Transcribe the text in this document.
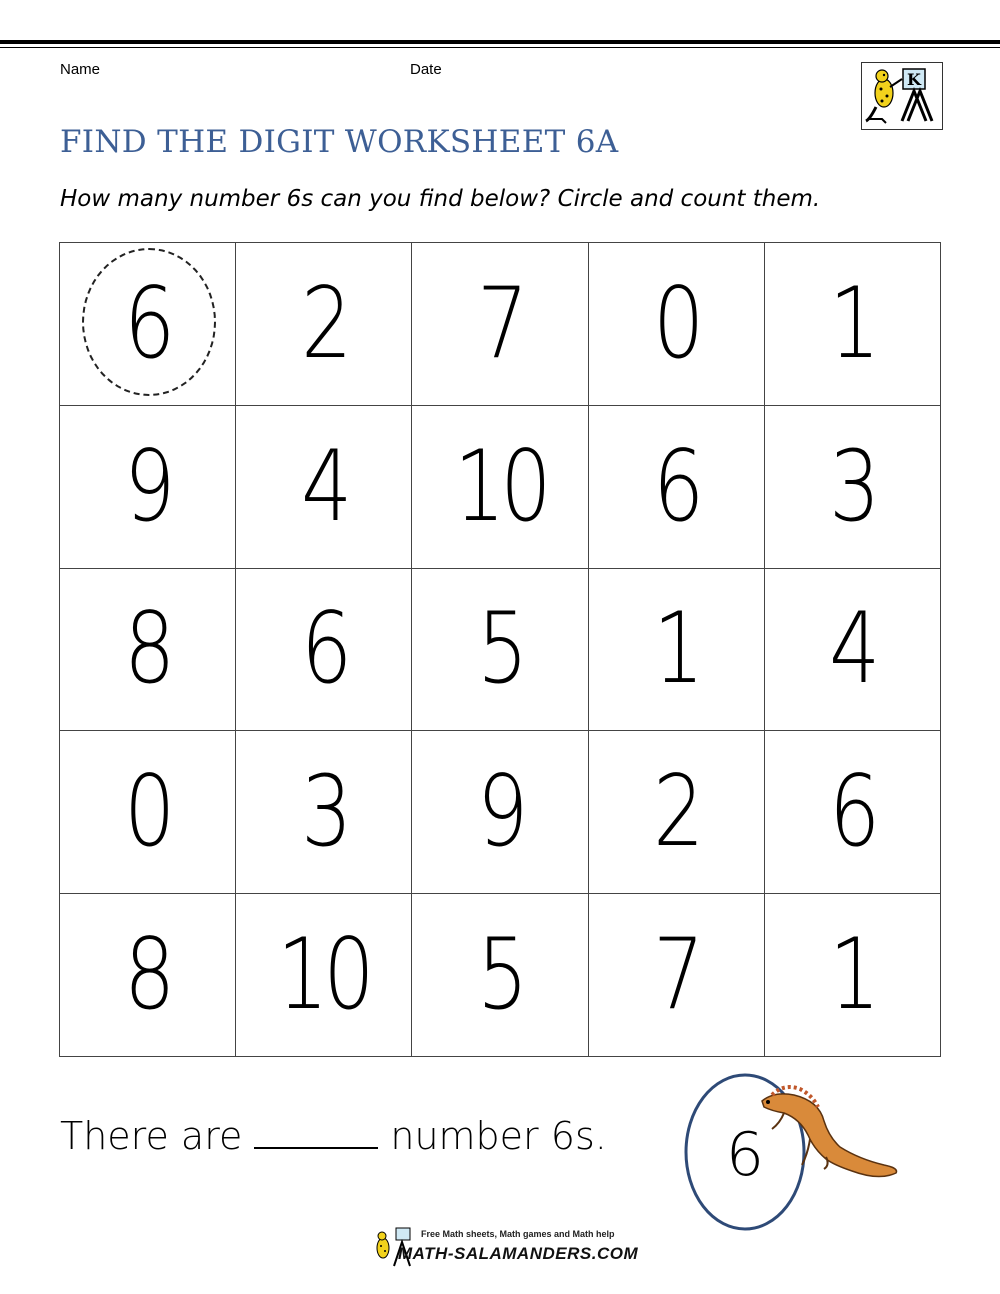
Name	Date
K
FIND THE DIGIT WORKSHEET 6A

How many number 6s can you find below? Circle and count them.

6 2 7 0 1
9 4 10 6 3
8 6 5 1 4
0 3 9 2 6
8 10 5 7 1
There are	number 6s. 6
Free Math sheets, Math games and Math help
MATH-SALAMANDERS.COM
